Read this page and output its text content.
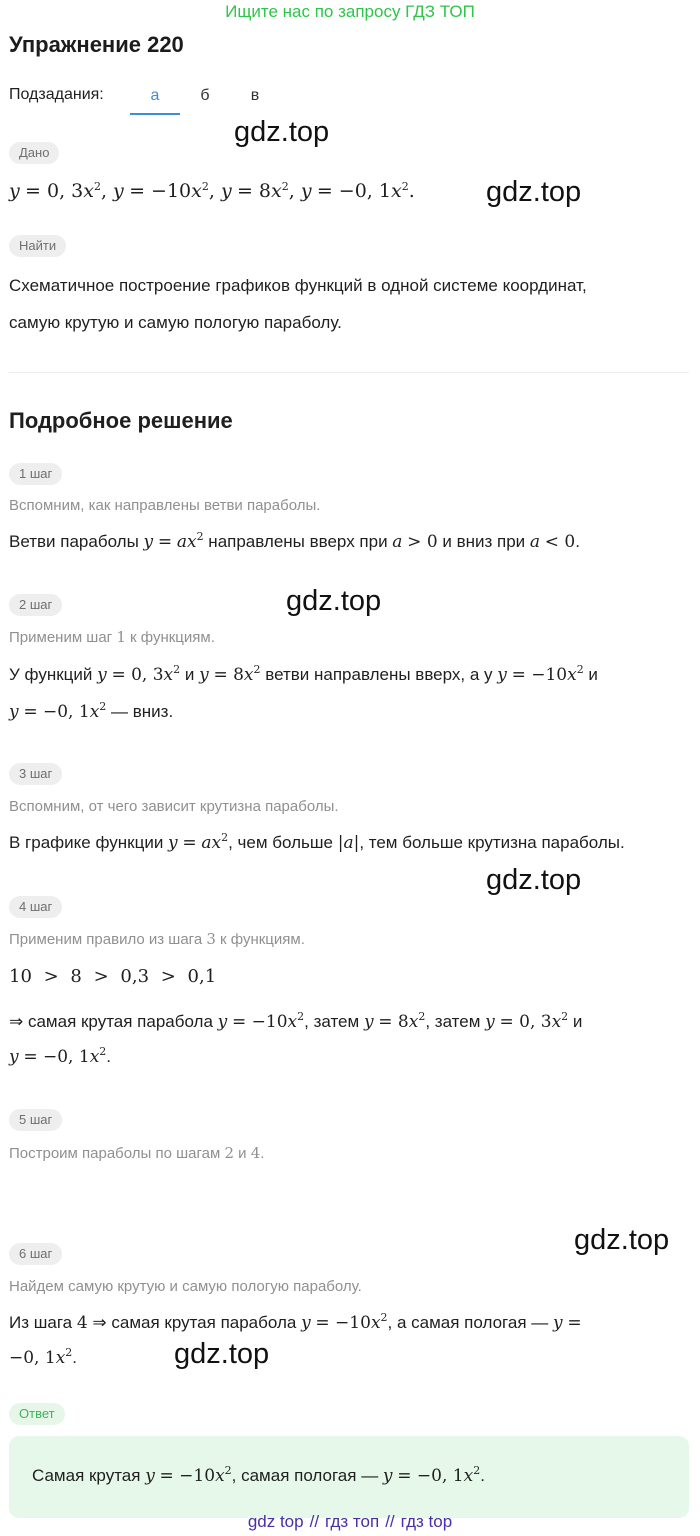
Ищите нас по запросу ГДЗ ТОП
Упражнение 220
Подзадания:	а	б	в
Дано
y = 0, $3x^2$, $y = -10x^2$, $y = 8x^2$, y = −0, $1x^2$.
Найти
Схематичное построение графиков функций в одной системе координат,
самую крутую и самую пологую параболу.
Подробное решение
1 шаг
Вспомним, как направлены ветви параболы.
Ветви параболы $y = ax^2$ направлены вверх при a > 0 и вниз при a < 0.
2 шаг
Применим шаг 1 к функциям.
У функций y = 0, $3x^2$ и $y = 8x^2$ ветви направлены вверх, а у $y = -10x^2$ и
y = −0, $1x^2$ — вниз.
3 шаг
Вспомним, от чего зависит крутизна параболы.
В графике функции $y = ax^2$, чем больше |a|, тем больше крутизна параболы.
4 шаг
Применим правило из шага 3 к функциям.
10 > 8 > 0,3 > 0,1
⇒ самая крутая парабола $y = -10x^2$, затем $y = 8x^2$, затем y = 0, $3x^2$ и
y = −0, $1x^2$.
5 шаг
Построим параболы по шагам 2 и 4.
6 шаг
Найдем самую крутую и самую пологую параболу.
Из шага 4 ⇒ самая крутая парабола $y = -10x^2$, а самая пологая — y =
−0, $1x^2$.
Ответ
Самая крутая $y = -10x^2$, самая пологая — y = −0, $1x^2$.
gdz.top
gdz.top
gdz.top
gdz.top
gdz.top
gdz.top
gdz top // гдз топ // гдз top
